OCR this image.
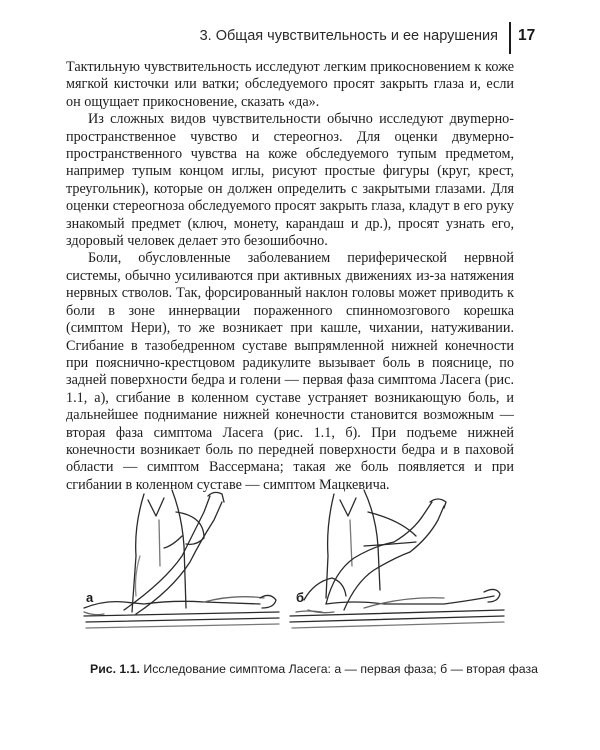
3. Общая чувствительность и ее нарушения 17

Тактильную чувствительность исследуют легким прикосновением к коже мягкой кисточки или ватки; обследуемого просят закрыть глаза и, если он ощущает прикосновение, сказать «да».

Из сложных видов чувствительности обычно исследуют двуmерно-пространственное чувство и стереогноз. Для оценки двумерно-пространственного чувства на коже обследуемого тупым предметом, например тупым концом иглы, рисуют простые фигуры (круг, крест, треугольник), которые он должен определить с закрытыми глазами. Для оценки стереогноза обследуемого просят закрыть глаза, кладут в его руку знакомый предмет (ключ, монету, карандаш и др.), просят узнать его, здоровый человек делает это безошибочно.

Боли, обусловленные заболеванием периферической нервной системы, обычно усиливаются при активных движениях из-за натяжения нервных стволов. Так, форсированный наклон головы может приводить к боли в зоне иннервации пораженного спинномозгового корешка (симптом Нери), то же возникает при кашле, чихании, натуживании. Сгибание в тазобедренном суставе выпрямленной нижней конечности при пояснично-крестцовом радикулите вызывает боль в пояснице, по задней поверхности бедра и голени — первая фаза симптома Ласега (рис. 1.1, а), сгибание в коленном суставе устраняет возникающую боль, и дальнейшее поднимание нижней конечности становится возможным — вторая фаза симптома Ласега (рис. 1.1, б). При подъеме нижней конечности возникает боль по передней поверхности бедра и в паховой области — симптом Вассермана; такая же боль появляется и при сгибании в коленном суставе — симптом Мацкевича.

а	б
Рис. 1.1. Исследование симптома Ласега: а — первая фаза; б — вторая фаза
